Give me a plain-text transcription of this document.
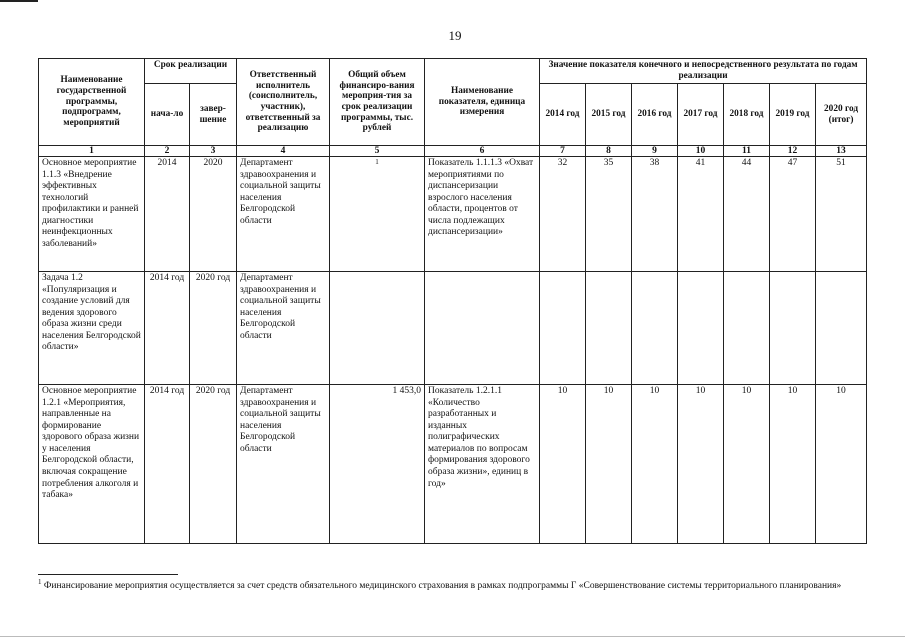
19
Наименование государственной программы, подпрограмм, мероприятий	Срок реализации		Ответственный исполнитель (соисполнитель, участник), ответственный за реализацию	Общий объем финансиро-вания мероприя-тия за срок реализации программы, тыс. рублей	Наименование показателя, единица измерения	Значение показателя конечного и непосредственного результата по годам реализации						
	нача-ло	завер-шение				2014 год	2015 год	2016 год	2017 год	2018 год	2019 год	2020 год (итог)
1	2	3	4	5	6	7	8	9	10	11	12	13
Основное мероприятие 1.1.3 «Внедрение эффективных технологий профилактики и ранней диагностики неинфекционных заболеваний»	2014	2020	Департамент здравоохранения и социальной защиты населения Белгородской области	$^1$	Показатель 1.1.1.3 «Охват мероприятиями по диспансеризации взрослого населения области, процентов от числа подлежащих диспансеризации»	32	35	38	41	44	47	51
Задача 1.2 «Популяризация и создание условий для ведения здорового образа жизни среди населения Белгородской области»	2014 год	2020 год	Департамент здравоохранения и социальной защиты населения Белгородской области									
Основное мероприятие 1.2.1 «Мероприятия, направленные на формирование здорового образа жизни у населения Белгородской области, включая сокращение потребления алкоголя и табака»	2014 год	2020 год	Департамент здравоохранения и социальной защиты населения Белгородской области	1 453,0	Показатель 1.2.1.1 «Количество разработанных и изданных полиграфических материалов по вопросам формирования здорового образа жизни», единиц в год»	10	10	10	10	10	10	10
$^1$ Финансирование мероприятия осуществляется за счет средств обязательного медицинского страхования в рамках подпрограммы Г «Совершенствование системы территориального планирования»
